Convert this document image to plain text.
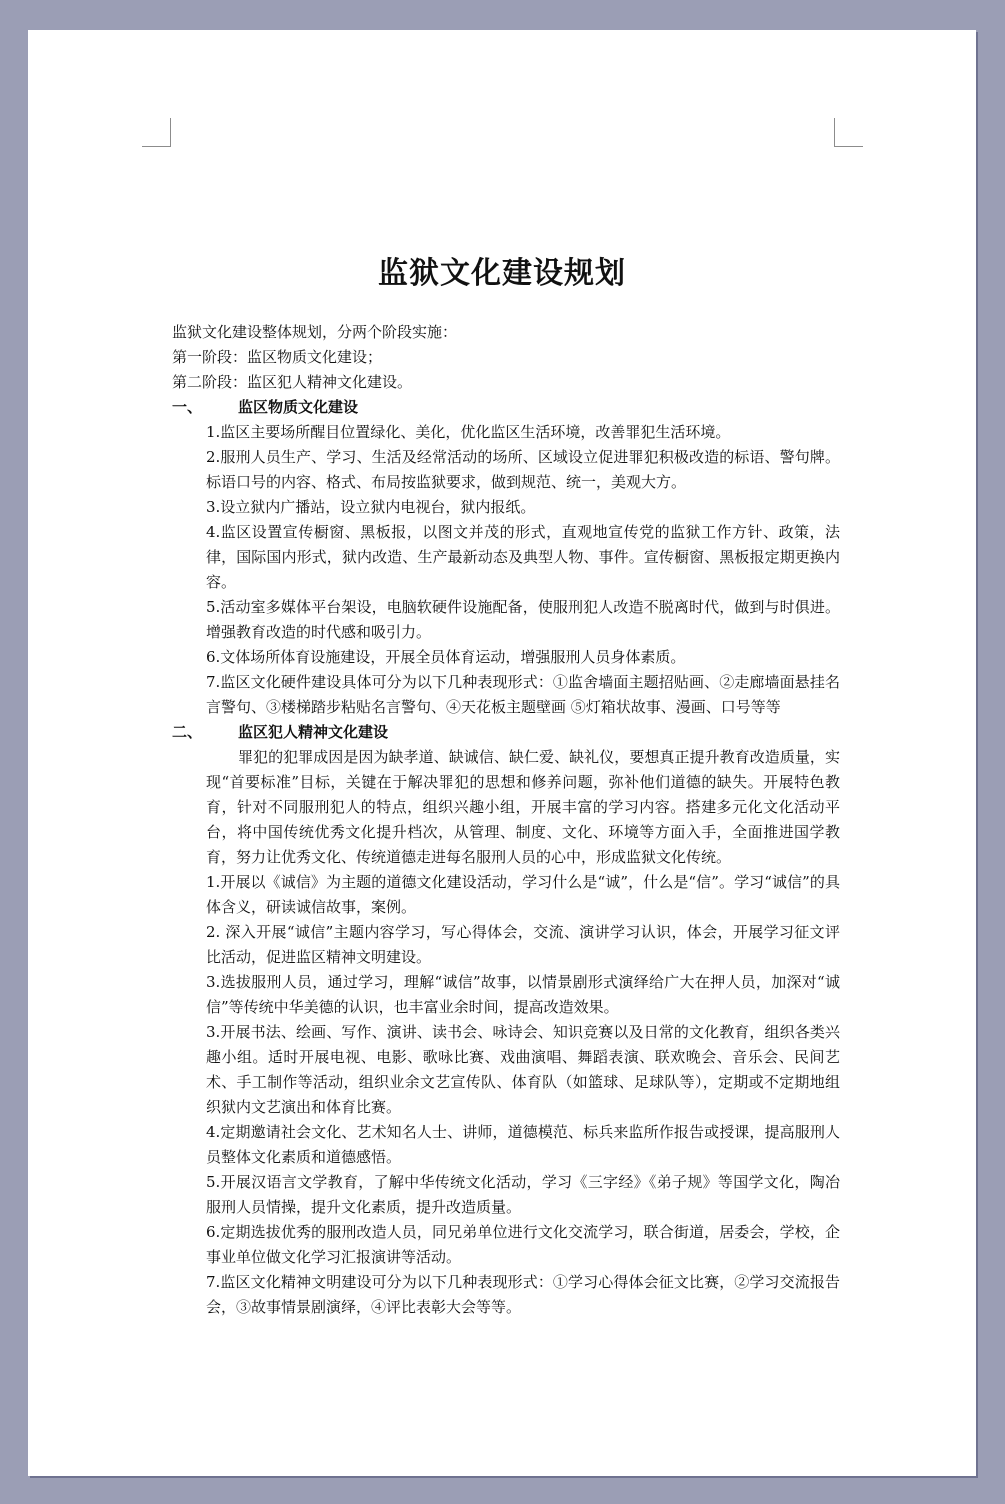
监狱文化建设规划

监狱文化建设整体规划，分两个阶段实施：

第一阶段：监区物质文化建设；

第二阶段：监区犯人精神文化建设。

一、 监区物质文化建设

1.监区主要场所醒目位置绿化、美化，优化监区生活环境，改善罪犯生活环境。

2.服刑人员生产、学习、生活及经常活动的场所、区域设立促进罪犯积极改造的标语、警句牌。标语口号的内容、格式、布局按监狱要求，做到规范、统一，美观大方。

3.设立狱内广播站，设立狱内电视台，狱内报纸。

4.监区设置宣传橱窗、黑板报，以图文并茂的形式，直观地宣传党的监狱工作方针、政策，法律，国际国内形式，狱内改造、生产最新动态及典型人物、事件。宣传橱窗、黑板报定期更换内容。

5.活动室多媒体平台架设，电脑软硬件设施配备，使服刑犯人改造不脱离时代，做到与时俱进。增强教育改造的时代感和吸引力。

6.文体场所体育设施建设，开展全员体育运动，增强服刑人员身体素质。

7.监区文化硬件建设具体可分为以下几种表现形式：①监舍墙面主题招贴画、②走廊墙面悬挂名言警句、③楼梯踏步粘贴名言警句、④天花板主题壁画 ⑤灯箱状故事、漫画、口号等等

二、 监区犯人精神文化建设

罪犯的犯罪成因是因为缺孝道、缺诚信、缺仁爱、缺礼仪，要想真正提升教育改造质量，实现“首要标准”目标，关键在于解决罪犯的思想和修养问题，弥补他们道德的缺失。开展特色教育，针对不同服刑犯人的特点，组织兴趣小组，开展丰富的学习内容。搭建多元化文化活动平台，将中国传统优秀文化提升档次，从管理、制度、文化、环境等方面入手，全面推进国学教育，努力让优秀文化、传统道德走进每名服刑人员的心中，形成监狱文化传统。

1.开展以《诚信》为主题的道德文化建设活动，学习什么是“诚”，什么是“信”。学习“诚信”的具体含义，研读诚信故事，案例。

2. 深入开展“诚信”主题内容学习，写心得体会，交流、演讲学习认识，体会，开展学习征文评比活动，促进监区精神文明建设。

3.选拔服刑人员，通过学习，理解“诚信”故事，以情景剧形式演绎给广大在押人员，加深对“诚信”等传统中华美德的认识，也丰富业余时间，提高改造效果。

3.开展书法、绘画、写作、演讲、读书会、咏诗会、知识竞赛以及日常的文化教育，组织各类兴趣小组。适时开展电视、电影、歌咏比赛、戏曲演唱、舞蹈表演、联欢晚会、音乐会、民间艺术、手工制作等活动，组织业余文艺宣传队、体育队（如篮球、足球队等），定期或不定期地组织狱内文艺演出和体育比赛。

4.定期邀请社会文化、艺术知名人士、讲师，道德模范、标兵来监所作报告或授课，提高服刑人员整体文化素质和道德感悟。

5.开展汉语言文学教育，了解中华传统文化活动，学习《三字经》《弟子规》等国学文化，陶冶服刑人员情操，提升文化素质，提升改造质量。

6.定期选拔优秀的服刑改造人员，同兄弟单位进行文化交流学习，联合街道，居委会，学校，企事业单位做文化学习汇报演讲等活动。

7.监区文化精神文明建设可分为以下几种表现形式：①学习心得体会征文比赛，②学习交流报告会，③故事情景剧演绎，④评比表彰大会等等。
